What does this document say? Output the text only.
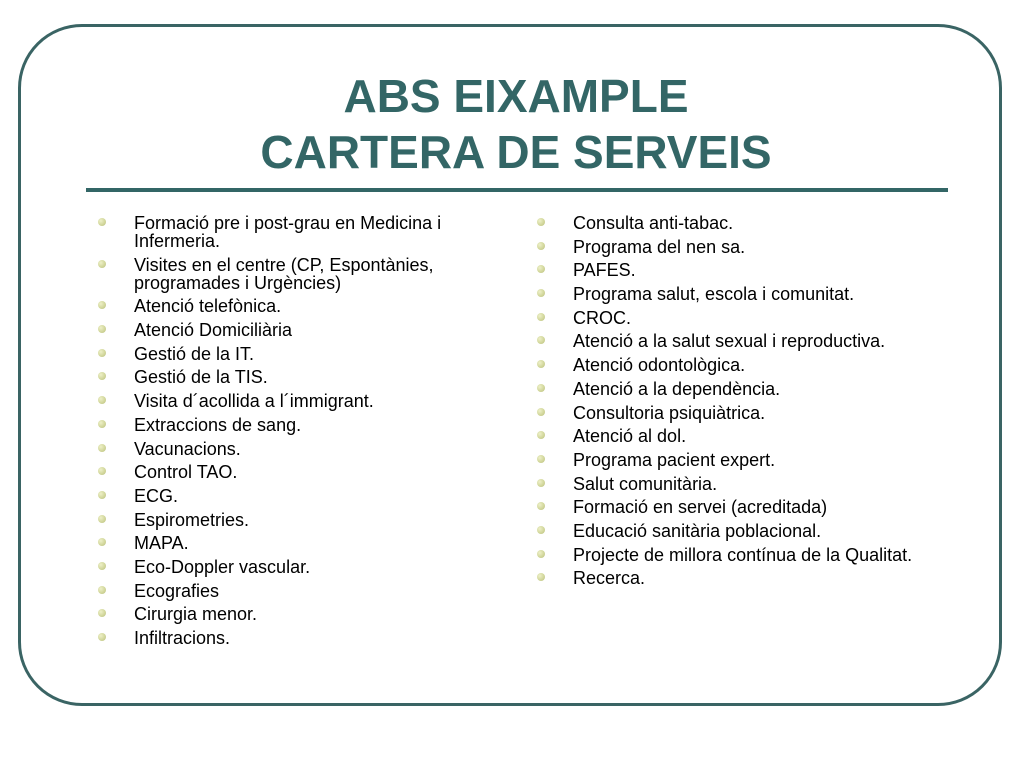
ABS EIXAMPLE
CARTERA DE SERVEIS
Formació pre i post-grau en Medicina i Infermeria.
Visites en el centre (CP, Espontànies, programades i Urgències)
Atenció telefònica.
Atenció Domiciliària
Gestió de la IT.
Gestió de la TIS.
Visita d´acollida a l´immigrant.
Extraccions de sang.
Vacunacions.
Control TAO.
ECG.
Espirometries.
MAPA.
Eco-Doppler vascular.
Ecografies
Cirurgia menor.
Infiltracions.
Consulta anti-tabac.
Programa del nen sa.
PAFES.
Programa salut, escola i comunitat.
CROC.
Atenció a la salut sexual i reproductiva.
Atenció odontològica.
Atenció a la dependència.
Consultoria psiquiàtrica.
Atenció al dol.
Programa pacient expert.
Salut comunitària.
Formació en servei (acreditada)
Educació sanitària poblacional.
Projecte de millora contínua de la Qualitat.
Recerca.
